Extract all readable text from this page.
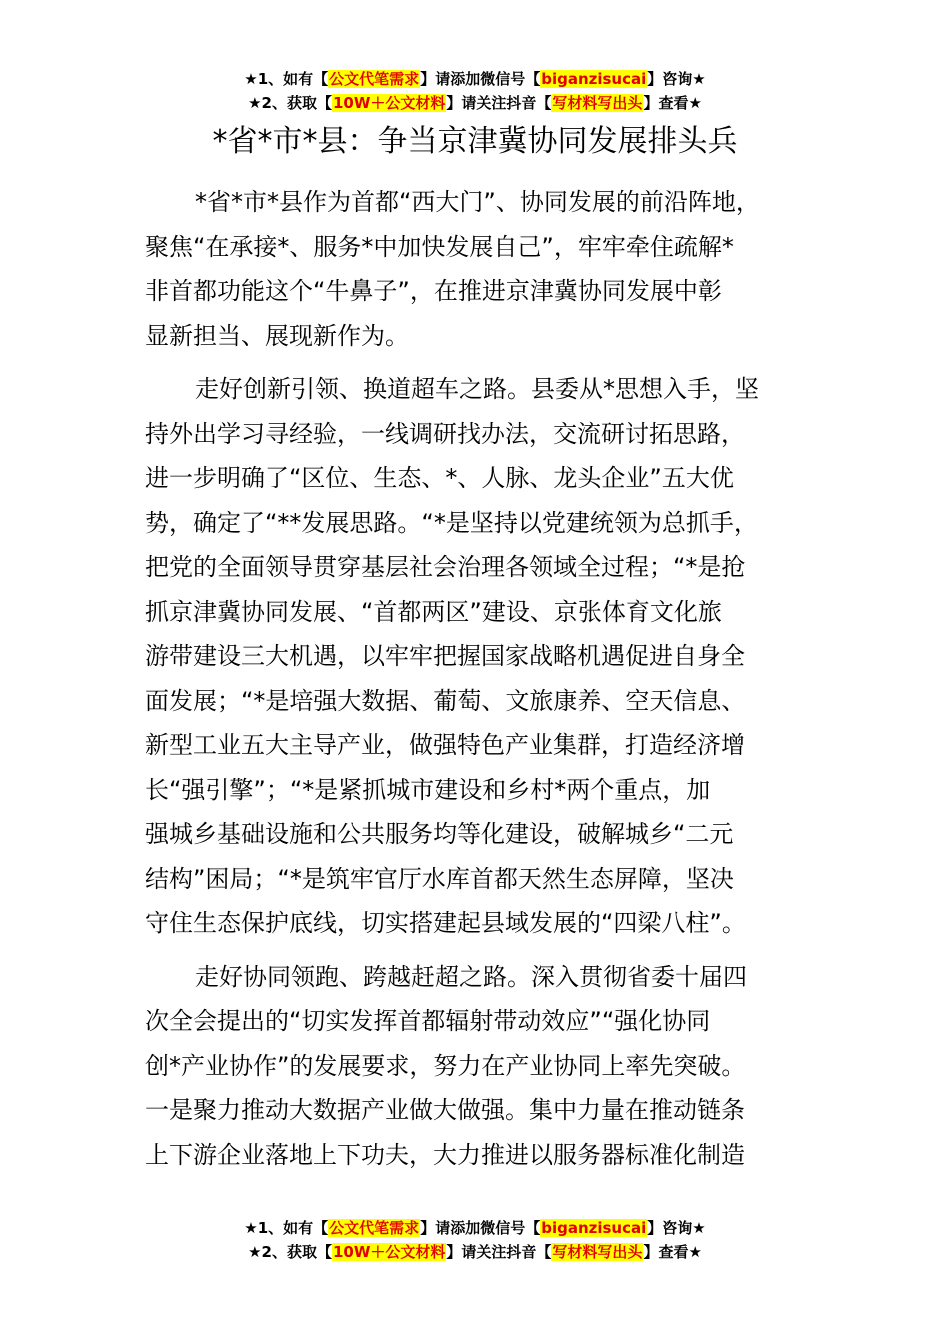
★1、如有【公文代笔需求】请添加微信号【biganzisucai】咨询★
★2、获取【10W＋公文材料】请关注抖音【写材料写出头】查看★
*省*市*县：争当京津冀协同发展排头兵

*省*市*县作为首都“西大门”、协同发展的前沿阵地，
聚焦“在承接*、服务*中加快发展自己”，牢牢牵住疏解*
非首都功能这个“牛鼻子”，在推进京津冀协同发展中彰
显新担当、展现新作为。

走好创新引领、换道超车之路。县委从*思想入手，坚
持外出学习寻经验，一线调研找办法，交流研讨拓思路，
进一步明确了“区位、生态、*、人脉、龙头企业”五大优
势，确定了“**发展思路。“*是坚持以党建统领为总抓手，
把党的全面领导贯穿基层社会治理各领域全过程；“*是抢
抓京津冀协同发展、“首都两区”建设、京张体育文化旅
游带建设三大机遇，以牢牢把握国家战略机遇促进自身全
面发展；“*是培强大数据、葡萄、文旅康养、空天信息、
新型工业五大主导产业，做强特色产业集群，打造经济增
长“强引擎”；“*是紧抓城市建设和乡村*两个重点，加
强城乡基础设施和公共服务均等化建设，破解城乡“二元
结构”困局；“*是筑牢官厅水库首都天然生态屏障，坚决
守住生态保护底线，切实搭建起县域发展的“四梁八柱”。

走好协同领跑、跨越赶超之路。深入贯彻省委十届四
次全会提出的“切实发挥首都辐射带动效应”“强化协同
创*产业协作”的发展要求，努力在产业协同上率先突破。
一是聚力推动大数据产业做大做强。集中力量在推动链条
上下游企业落地上下功夫，大力推进以服务器标准化制造

★1、如有【公文代笔需求】请添加微信号【biganzisucai】咨询★
★2、获取【10W＋公文材料】请关注抖音【写材料写出头】查看★
